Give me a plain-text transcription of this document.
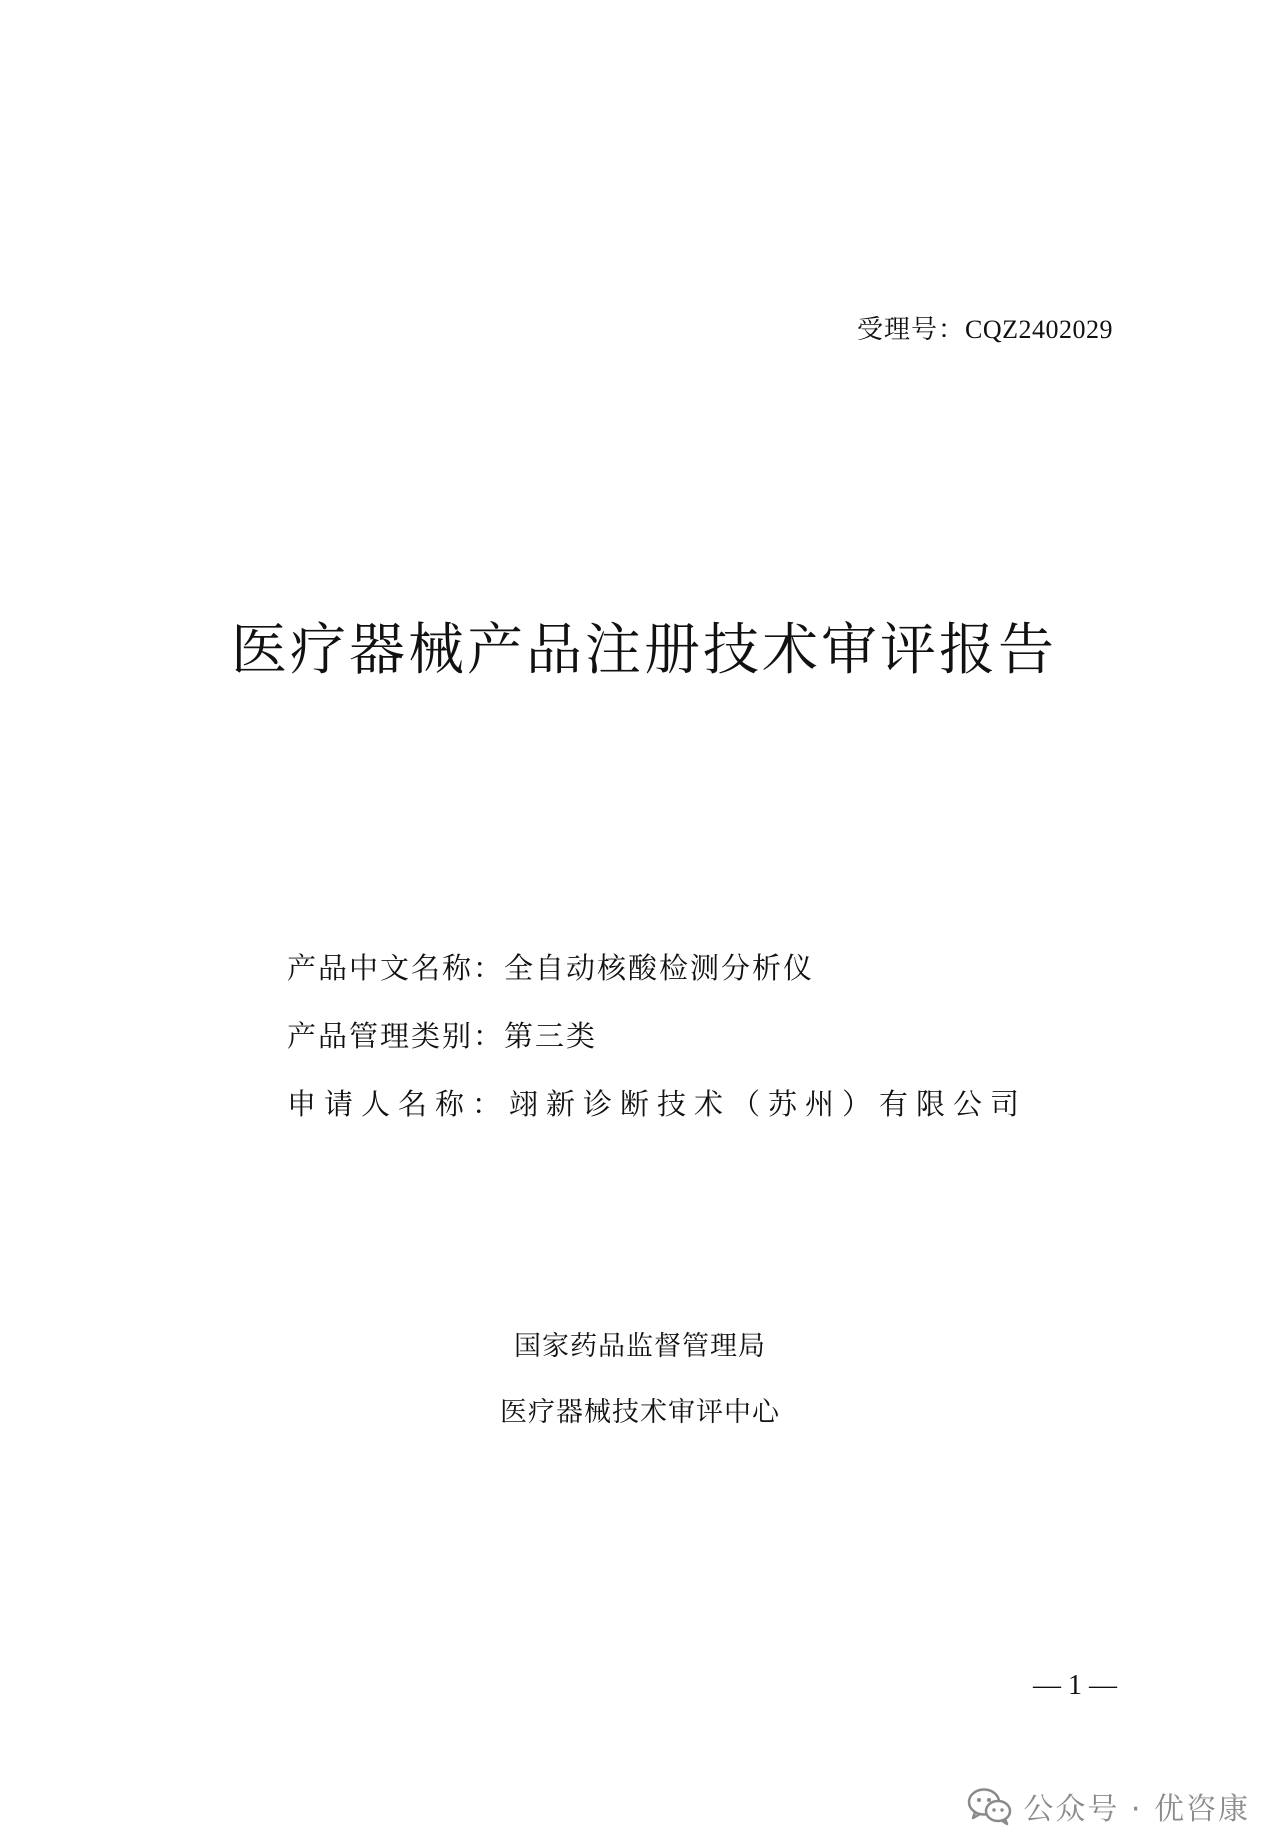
受理号：CQZ2402029
医疗器械产品注册技术审评报告
产品中文名称：全自动核酸检测分析仪
产品管理类别：第三类
申请人名称：翊新诊断技术（苏州）有限公司
国家药品监督管理局
医疗器械技术审评中心
— 1 —
公众号 · 优咨康
